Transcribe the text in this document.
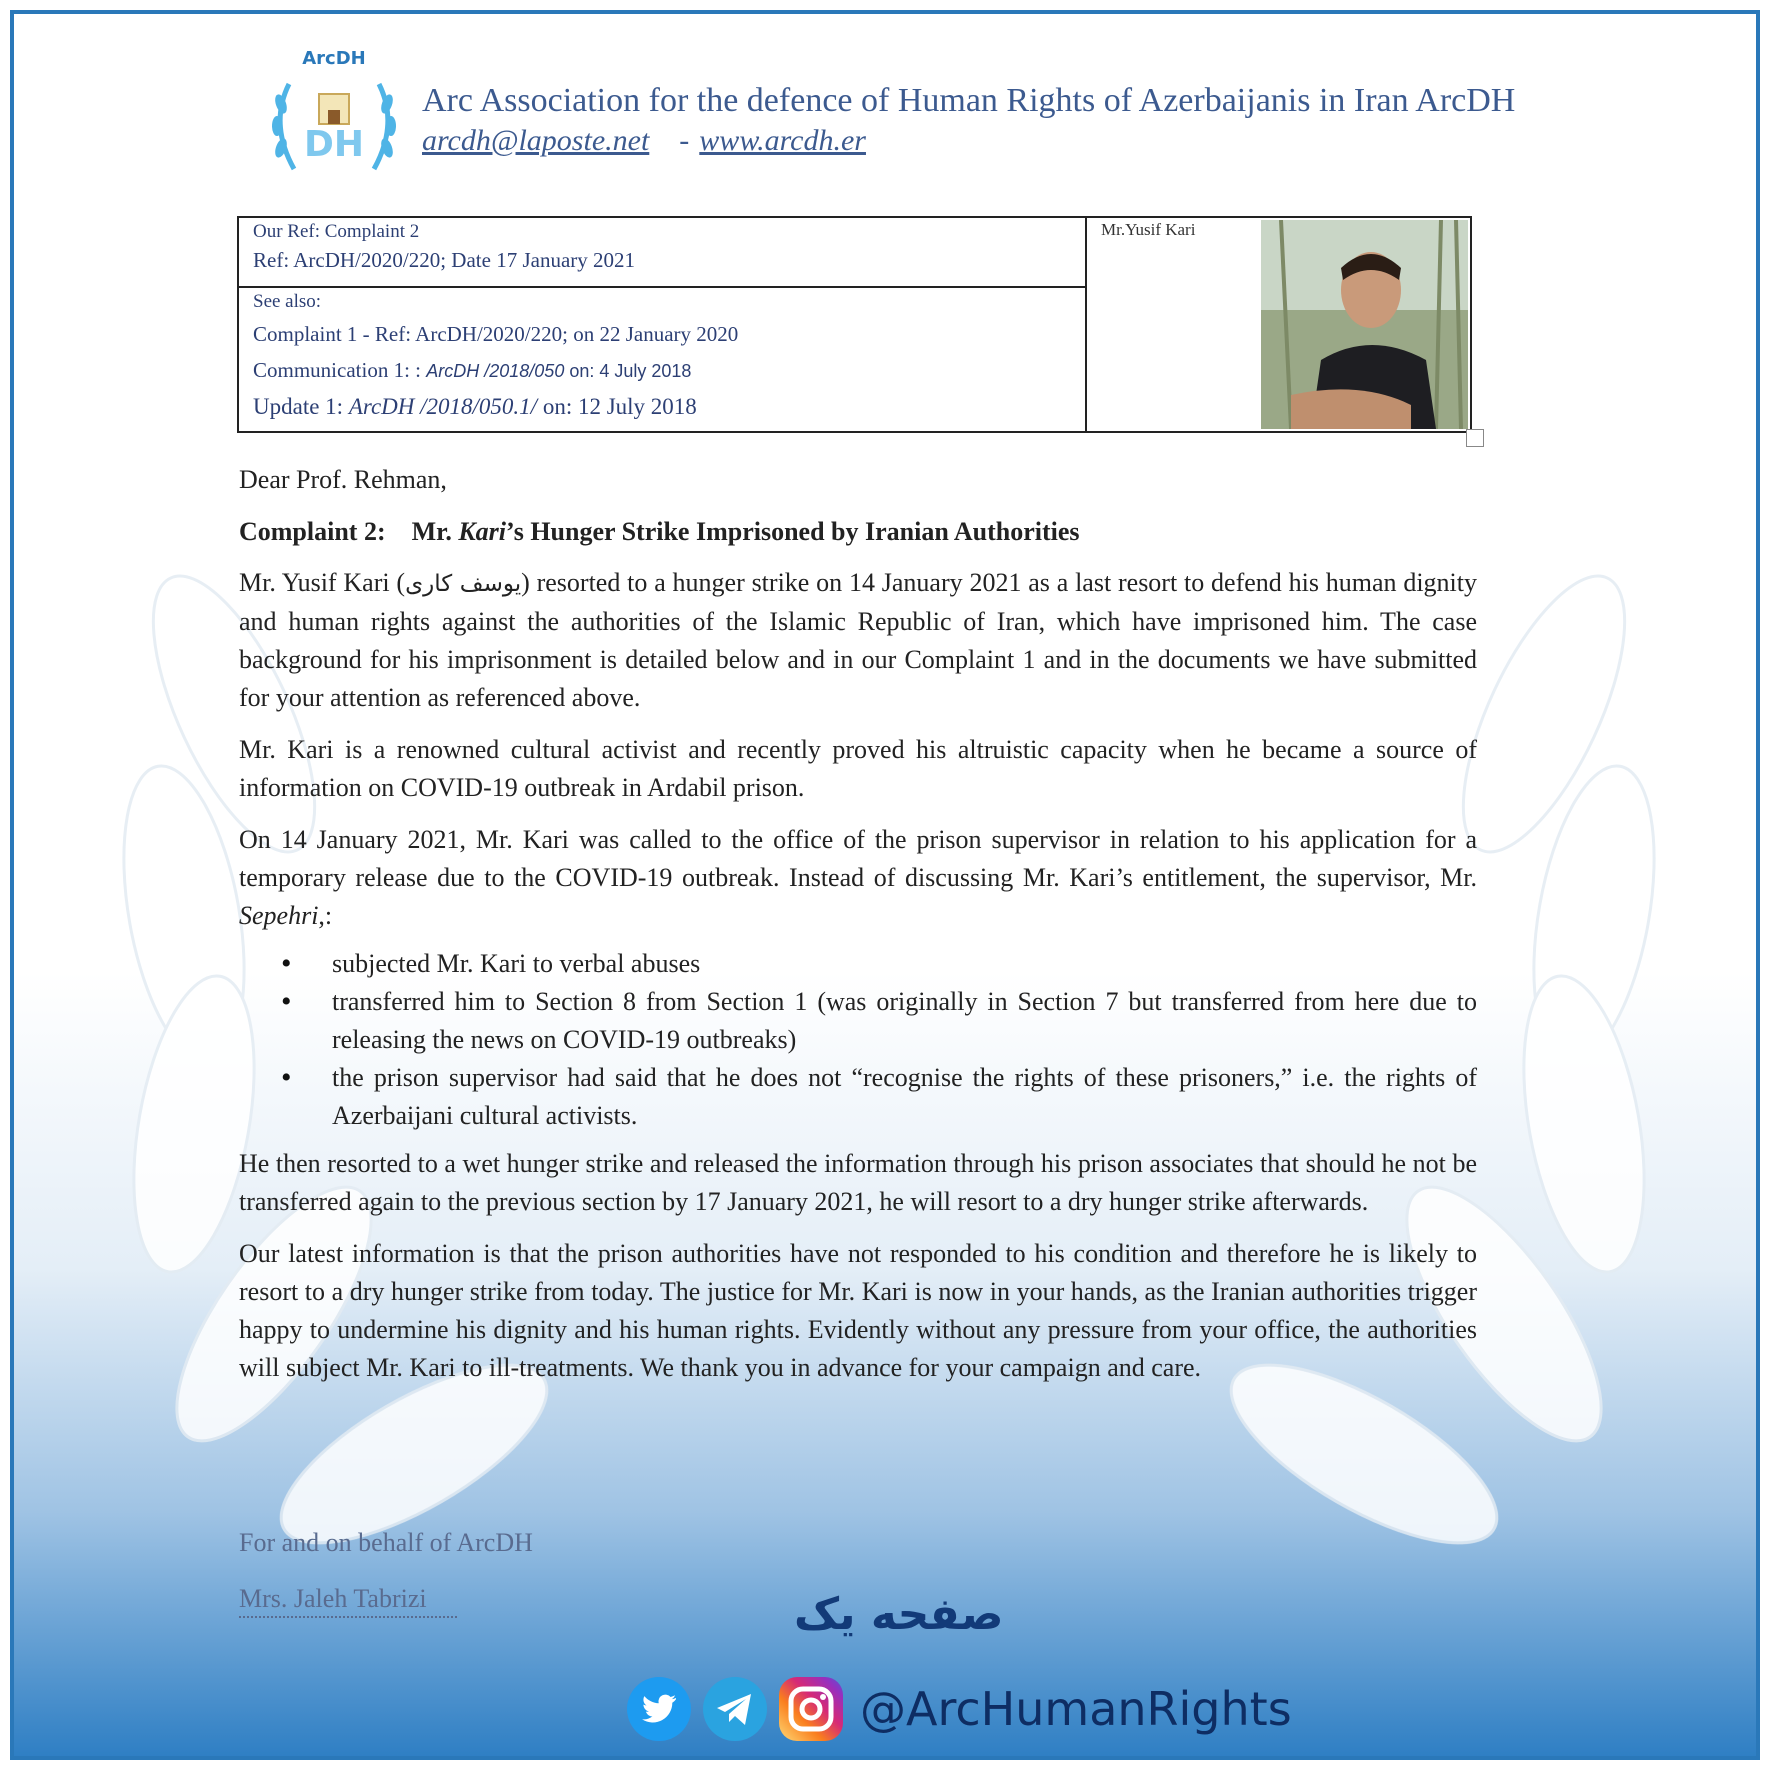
ArcDH
DH
Arc Association for the defence of Human Rights of Azerbaijanis in Iran ArcDH
arcdh@laposte.net - www.arcdh.er
Our Ref: Complaint 2
Ref: ArcDH/2020/220; Date 17 January 2021
See also:
Complaint 1 - Ref: ArcDH/2020/220; on 22 January 2020
Communication 1: : ArcDH /2018/050 on: 4 July 2018
Update 1: ArcDH /2018/050.1/ on: 12 July 2018
Mr.Yusif Kari

Dear Prof. Rehman,

Complaint 2: Mr. Kari’s Hunger Strike Imprisoned by Iranian Authorities

Mr. Yusif Kari (یوسف کاری) resorted to a hunger strike on 14 January 2021 as a last resort to defend his human dignity and human rights against the authorities of the Islamic Republic of Iran, which have imprisoned him. The case background for his imprisonment is detailed below and in our Complaint 1 and in the documents we have submitted for your attention as referenced above.

Mr. Kari is a renowned cultural activist and recently proved his altruistic capacity when he became a source of information on COVID-19 outbreak in Ardabil prison.

On 14 January 2021, Mr. Kari was called to the office of the prison supervisor in relation to his application for a temporary release due to the COVID-19 outbreak. Instead of discussing Mr. Kari’s entitlement, the supervisor, Mr. Sepehri,:

• subjected Mr. Kari to verbal abuses
• transferred him to Section 8 from Section 1 (was originally in Section 7 but transferred from here due to releasing the news on COVID-19 outbreaks)
• the prison supervisor had said that he does not “recognise the rights of these prisoners,” i.e. the rights of Azerbaijani cultural activists.

He then resorted to a wet hunger strike and released the information through his prison associates that should he not be transferred again to the previous section by 17 January 2021, he will resort to a dry hunger strike afterwards.

Our latest information is that the prison authorities have not responded to his condition and therefore he is likely to resort to a dry hunger strike from today. The justice for Mr. Kari is now in your hands, as the Iranian authorities trigger happy to undermine his dignity and his human rights. Evidently without any pressure from your office, the authorities will subject Mr. Kari to ill-treatments. We thank you in advance for your campaign and care.

For and on behalf of ArcDH
Mrs. Jaleh Tabrizi	صفحه یک
@ArcHumanRights
